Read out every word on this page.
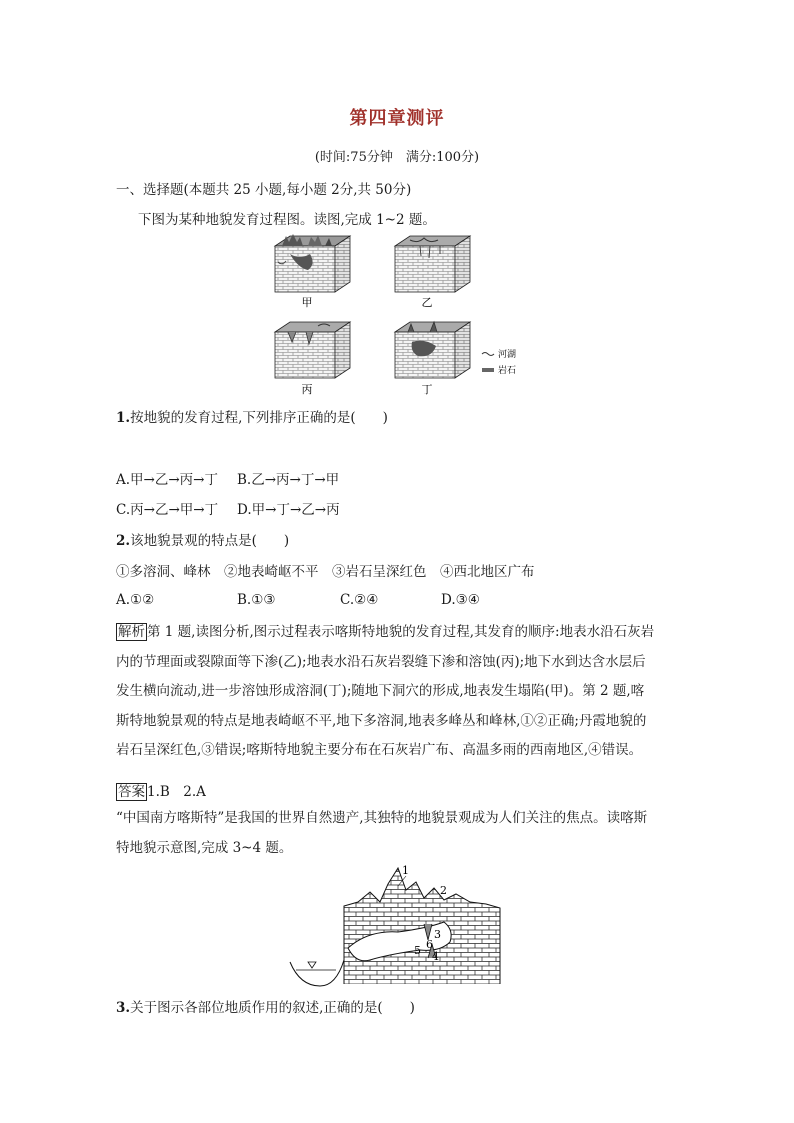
第四章测评
(时间:75分钟　满分:100分)
一、选择题(本题共 25 小题,每小题 2分,共 50分)
下图为某种地貌发育过程图。读图,完成 1~2 题。
甲	乙
丙	丁
河湖
岩石
1.按地貌的发育过程,下列排序正确的是(　　)
A.甲→乙→丙→丁 B.乙→丙→丁→甲
C.丙→乙→甲→丁 D.甲→丁→乙→丙
2.该地貌景观的特点是(　　)
①多溶洞、峰林　②地表崎岖不平　③岩石呈深红色　④西北地区广布
A.①②	B.①③	C.②④	D.③④
解析 第 1 题,读图分析,图示过程表示喀斯特地貌的发育过程,其发育的顺序:地表水沿石灰岩
内的节理面或裂隙面等下渗(乙);地表水沿石灰岩裂缝下渗和溶蚀(丙);地下水到达含水层后
发生横向流动,进一步溶蚀形成溶洞(丁);随地下洞穴的形成,地表发生塌陷(甲)。第 2 题,喀
斯特地貌景观的特点是地表崎岖不平,地下多溶洞,地表多峰丛和峰林,①②正确;丹霞地貌的
岩石呈深红色,③错误;喀斯特地貌主要分布在石灰岩广布、高温多雨的西南地区,④错误。
答案 1.B　2.A
“中国南方喀斯特”是我国的世界自然遗产,其独特的地貌景观成为人们关注的焦点。读喀斯
特地貌示意图,完成 3~4 题。
1
2
3
4
5 6
3.关于图示各部位地质作用的叙述,正确的是(　　)
